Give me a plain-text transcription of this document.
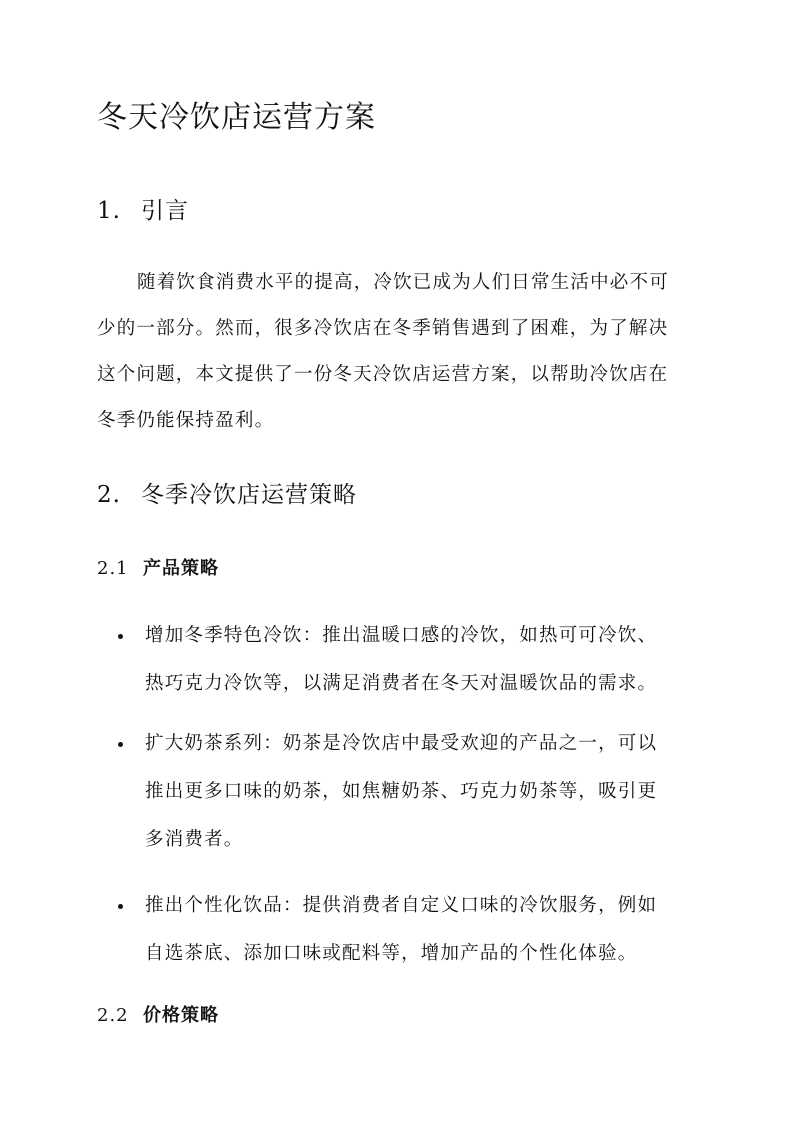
冬天冷饮店运营方案
1. 引言
随着饮食消费水平的提高，冷饮已成为人们日常生活中必不可
少的一部分。然而，很多冷饮店在冬季销售遇到了困难，为了解决
这个问题，本文提供了一份冬天冷饮店运营方案，以帮助冷饮店在
冬季仍能保持盈利。
2. 冬季冷饮店运营策略
2.1 产品策略
增加冬季特色冷饮：推出温暖口感的冷饮，如热可可冷饮、
热巧克力冷饮等，以满足消费者在冬天对温暖饮品的需求。
扩大奶茶系列：奶茶是冷饮店中最受欢迎的产品之一，可以
推出更多口味的奶茶，如焦糖奶茶、巧克力奶茶等，吸引更
多消费者。
推出个性化饮品：提供消费者自定义口味的冷饮服务，例如
自选茶底、添加口味或配料等，增加产品的个性化体验。
2.2 价格策略
